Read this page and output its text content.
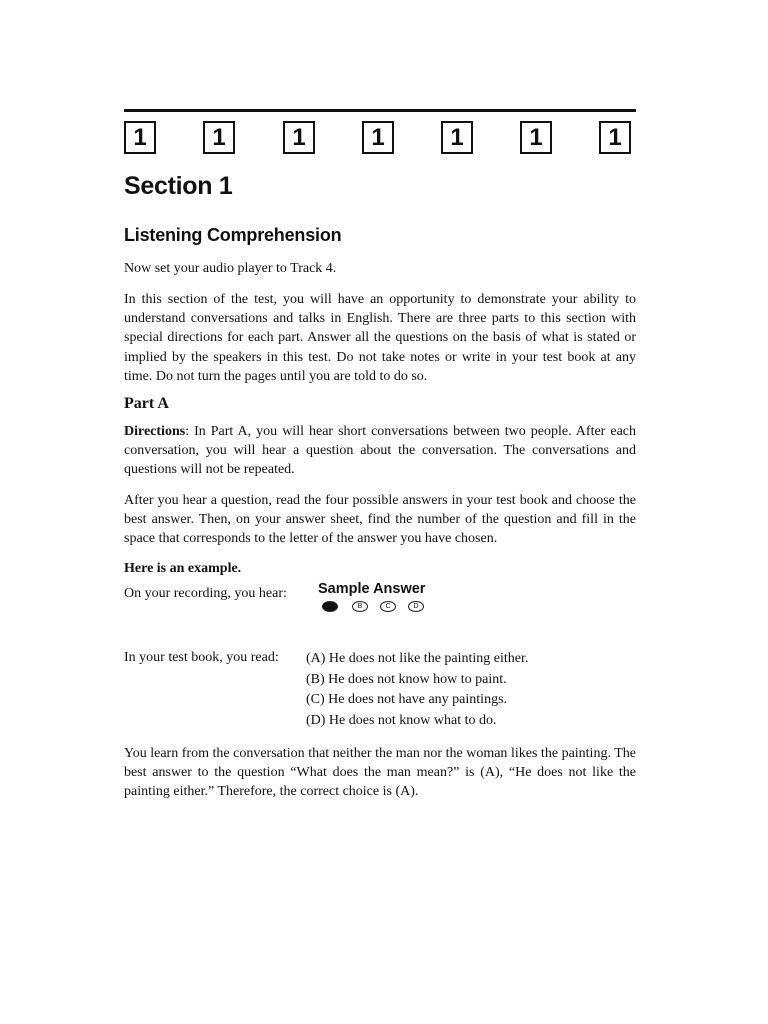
1	1	1	1	1	1	1
Section 1
Listening Comprehension

Now set your audio player to Track 4.

In this section of the test, you will have an opportunity to demonstrate your ability to understand conversations and talks in English. There are three parts to this section with special directions for each part. Answer all the questions on the basis of what is stated or implied by the speakers in this test. Do not take notes or write in your test book at any time. Do not turn the pages until you are told to do so.

Part A

Directions: In Part A, you will hear short conversations between two people. After each conversation, you will hear a question about the conversation. The conversations and questions will not be repeated.

After you hear a question, read the four possible answers in your test book and choose the best answer. Then, on your answer sheet, find the number of the question and fill in the space that corresponds to the letter of the answer you have chosen.

Here is an example.
On your recording, you hear: Sample Answer
A	B	C	D
In your test book, you read: (A) He does not like the painting either.
(B) He does not know how to paint.
(C) He does not have any paintings.
(D) He does not know what to do.

You learn from the conversation that neither the man nor the woman likes the painting. The best answer to the question “What does the man mean?” is (A), “He does not like the painting either.” Therefore, the correct choice is (A).
